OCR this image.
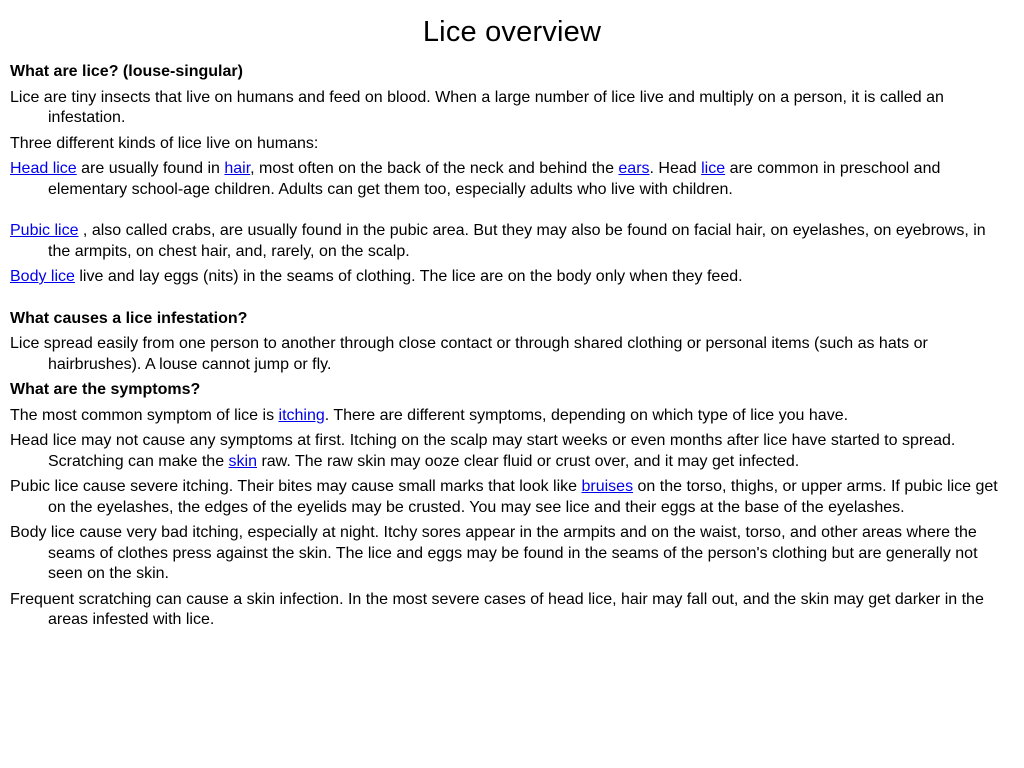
Lice overview

What are lice? (louse-singular)

Lice are tiny insects that live on humans and feed on blood. When a large number of lice live and multiply on a person, it is called an infestation.

Three different kinds of lice live on humans:

Head lice are usually found in hair, most often on the back of the neck and behind the ears. Head lice are common in preschool and elementary school-age children. Adults can get them too, especially adults who live with children.

Pubic lice , also called crabs, are usually found in the pubic area. But they may also be found on facial hair, on eyelashes, on eyebrows, in the armpits, on chest hair, and, rarely, on the scalp.

Body lice live and lay eggs (nits) in the seams of clothing. The lice are on the body only when they feed.

What causes a lice infestation?

Lice spread easily from one person to another through close contact or through shared clothing or personal items (such as hats or hairbrushes). A louse cannot jump or fly.

What are the symptoms?

The most common symptom of lice is itching. There are different symptoms, depending on which type of lice you have.

Head lice may not cause any symptoms at first. Itching on the scalp may start weeks or even months after lice have started to spread. Scratching can make the skin raw. The raw skin may ooze clear fluid or crust over, and it may get infected.

Pubic lice cause severe itching. Their bites may cause small marks that look like bruises on the torso, thighs, or upper arms. If pubic lice get on the eyelashes, the edges of the eyelids may be crusted. You may see lice and their eggs at the base of the eyelashes.

Body lice cause very bad itching, especially at night. Itchy sores appear in the armpits and on the waist, torso, and other areas where the seams of clothes press against the skin. The lice and eggs may be found in the seams of the person's clothing but are generally not seen on the skin.

Frequent scratching can cause a skin infection. In the most severe cases of head lice, hair may fall out, and the skin may get darker in the areas infested with lice.
